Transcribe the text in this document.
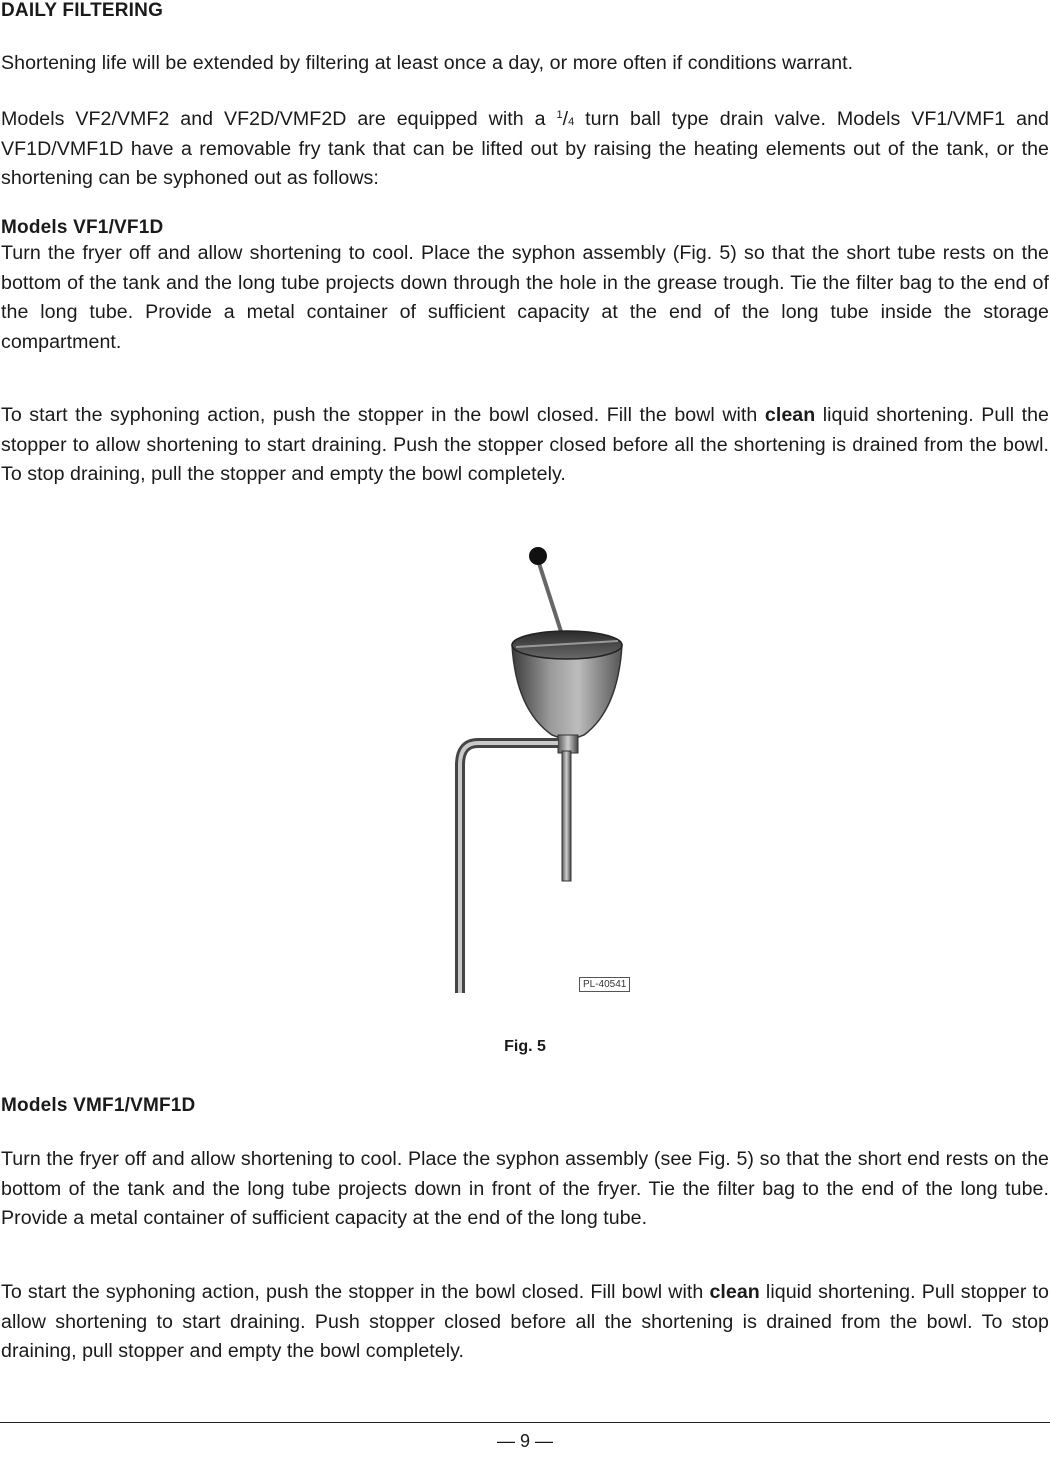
DAILY FILTERING

Shortening life will be extended by filtering at least once a day, or more often if conditions warrant.

Models VF2/VMF2 and VF2D/VMF2D are equipped with a $^1$/4 turn ball type drain valve. Models VF1/VMF1 and VF1D/VMF1D have a removable fry tank that can be lifted out by raising the heating elements out of the tank, or the shortening can be syphoned out as follows:

Models VF1/VF1D

Turn the fryer off and allow shortening to cool. Place the syphon assembly (Fig. 5) so that the short tube rests on the bottom of the tank and the long tube projects down through the hole in the grease trough. Tie the filter bag to the end of the long tube. Provide a metal container of sufficient capacity at the end of the long tube inside the storage compartment.

To start the syphoning action, push the stopper in the bowl closed. Fill the bowl with clean liquid shortening. Pull the stopper to allow shortening to start draining. Push the stopper closed before all the shortening is drained from the bowl. To stop draining, pull the stopper and empty the bowl completely.

PL-40541
Fig. 5
Models VMF1/VMF1D

Turn the fryer off and allow shortening to cool. Place the syphon assembly (see Fig. 5) so that the short end rests on the bottom of the tank and the long tube projects down in front of the fryer. Tie the filter bag to the end of the long tube. Provide a metal container of sufficient capacity at the end of the long tube.

To start the syphoning action, push the stopper in the bowl closed. Fill bowl with clean liquid shortening. Pull stopper to allow shortening to start draining. Push stopper closed before all the shortening is drained from the bowl. To stop draining, pull stopper and empty the bowl completely.

— 9 —
